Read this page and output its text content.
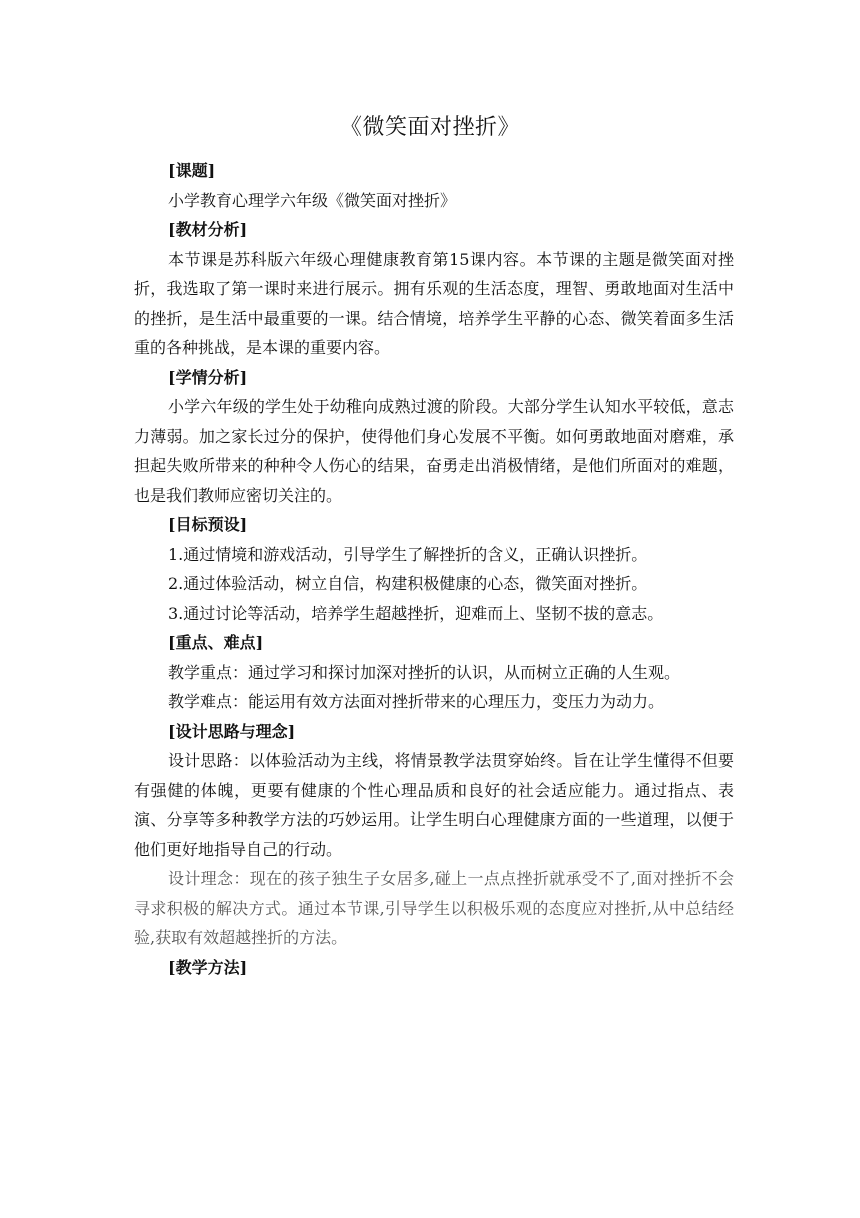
《微笑面对挫折》

[课题]

小学教育心理学六年级《微笑面对挫折》

[教材分析]

本节课是苏科版六年级心理健康教育第15课内容。本节课的主题是微笑面对挫折，我选取了第一课时来进行展示。拥有乐观的生活态度，理智、勇敢地面对生活中的挫折，是生活中最重要的一课。结合情境，培养学生平静的心态、微笑着面多生活重的各种挑战，是本课的重要内容。

[学情分析]

小学六年级的学生处于幼稚向成熟过渡的阶段。大部分学生认知水平较低，意志力薄弱。加之家长过分的保护，使得他们身心发展不平衡。如何勇敢地面对磨难，承担起失败所带来的种种令人伤心的结果，奋勇走出消极情绪，是他们所面对的难题，也是我们教师应密切关注的。

[目标预设]

1.通过情境和游戏活动，引导学生了解挫折的含义，正确认识挫折。

2.通过体验活动，树立自信，构建积极健康的心态，微笑面对挫折。

3.通过讨论等活动，培养学生超越挫折，迎难而上、坚韧不拔的意志。

[重点、难点]

教学重点：通过学习和探讨加深对挫折的认识，从而树立正确的人生观。

教学难点：能运用有效方法面对挫折带来的心理压力，变压力为动力。

[设计思路与理念]

设计思路：以体验活动为主线，将情景教学法贯穿始终。旨在让学生懂得不但要有强健的体魄，更要有健康的个性心理品质和良好的社会适应能力。通过指点、表演、分享等多种教学方法的巧妙运用。让学生明白心理健康方面的一些道理，以便于他们更好地指导自己的行动。

设计理念：现在的孩子独生子女居多,碰上一点点挫折就承受不了,面对挫折不会寻求积极的解决方式。通过本节课,引导学生以积极乐观的态度应对挫折,从中总结经验,获取有效超越挫折的方法。

[教学方法]
